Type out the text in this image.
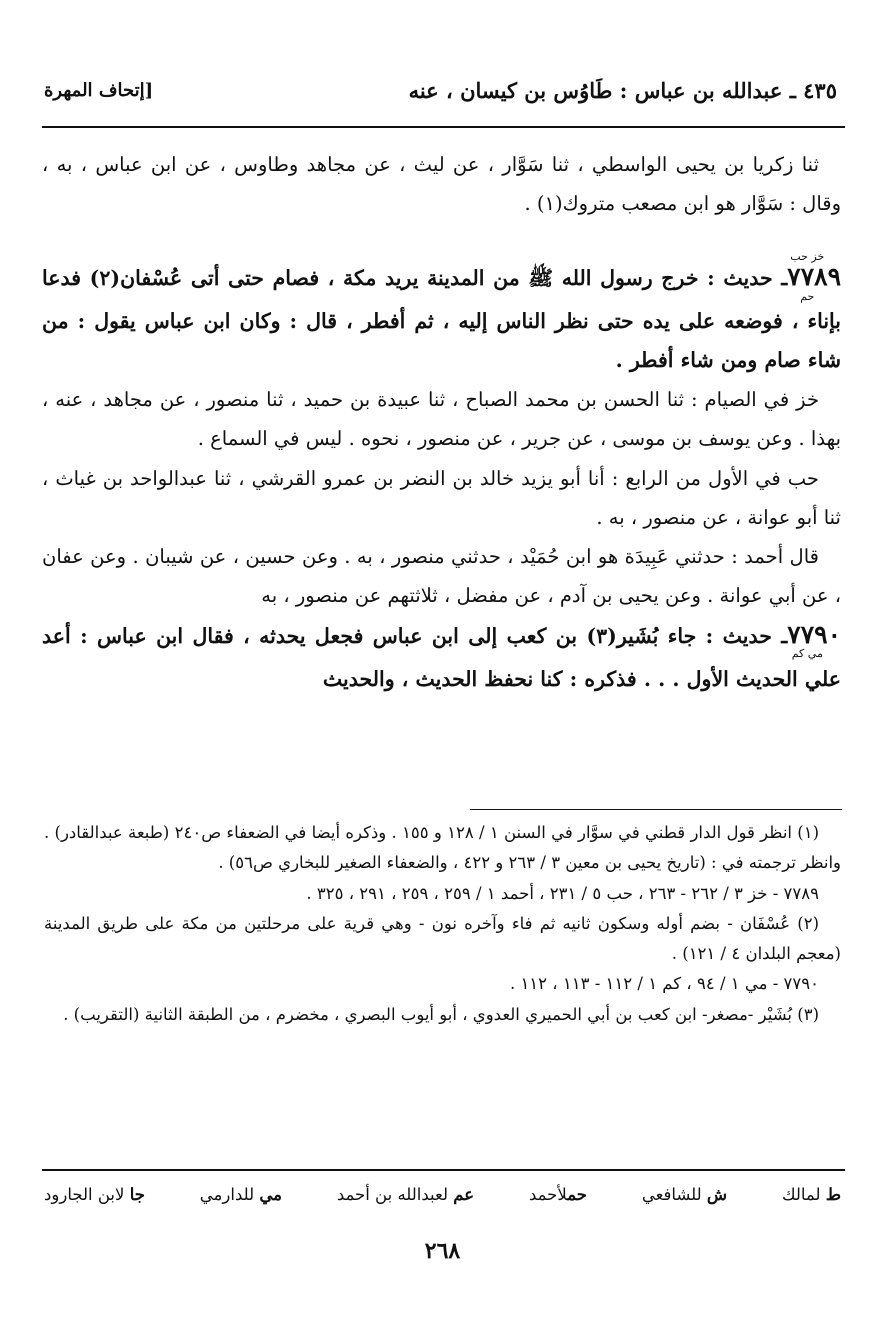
٤٣٥ ـ عبدالله بن عباس : طَاوُس بن كيسان ، عنه
[إتحاف المهرة

ثنا زكريا بن يحيى الواسطي ، ثنا سَوَّار ، عن ليث ، عن مجاهد وطاوس ، عن ابن عباس ، به ، وقال : سَوَّار هو ابن مصعب متروك(١) .

٧٧٨٩خز حب حمـ حديث : خرج رسول الله ﷺ من المدينة يريد مكة ، فصام حتى أتى عُسْفان(٢) فدعا بإناء ، فوضعه على يده حتى نظر الناس إليه ، ثم أفطر ، قال : وكان ابن عباس يقول : من شاء صام ومن شاء أفطر .

خز في الصيام : ثنا الحسن بن محمد الصباح ، ثنا عبيدة بن حميد ، ثنا منصور ، عن مجاهد ، عنه ، بهذا . وعن يوسف بن موسى ، عن جرير ، عن منصور ، نحوه . ليس في السماع .

حب في الأول من الرابع : أنا أبو يزيد خالد بن النضر بن عمرو القرشي ، ثنا عبدالواحد بن غياث ، ثنا أبو عوانة ، عن منصور ، به .

قال أحمد : حدثني عَبِيدَة هو ابن حُمَيْد ، حدثني منصور ، به . وعن حسين ، عن شيبان . وعن عفان ، عن أبي عوانة . وعن يحيى بن آدم ، عن مفضل ، ثلاثتهم عن منصور ، به

٧٧٩٠مي كمـ حديث : جاء بُشَير(٣) بن كعب إلى ابن عباس فجعل يحدثه ، فقال ابن عباس : أعد علي الحديث الأول . . . فذكره : كنا نحفظ الحديث ، والحديث

(١) انظر قول الدار قطني في سوَّار في السنن ١ / ١٢٨ و ١٥٥ . وذكره أيضا في الضعفاء ص٢٤٠ (طبعة عبدالقادر) . وانظر ترجمته في : (تاريخ يحيى بن معين ٣ / ٢٦٣ و ٤٢٢ ، والضعفاء الصغير للبخاري ص٥٦) .

٧٧٨٩ - خز ٣ / ٢٦٢ - ٢٦٣ ، حب ٥ / ٢٣١ ، أحمد ١ / ٢٥٩ ، ٢٥٩ ، ٢٩١ ، ٣٢٥ .

(٢) عُسْفَان - بضم أوله وسكون ثانيه ثم فاء وآخره نون - وهي قرية على مرحلتين من مكة على طريق المدينة (معجم البلدان ٤ / ١٢١) .

٧٧٩٠ - مي ١ / ٩٤ ، كم ١ / ١١٢ - ١١٣ ، ١١٢ .

(٣) بُشَيْر -مصغر- ابن كعب بن أبي الحميري العدوي ، أبو أيوب البصري ، مخضرم ، من الطبقة الثانية (التقريب) .

ط لمالك
ش للشافعي
حملأحمد
عم لعبدالله بن أحمد
مي للدارمي
جا لابن الجارود
٢٦٨
